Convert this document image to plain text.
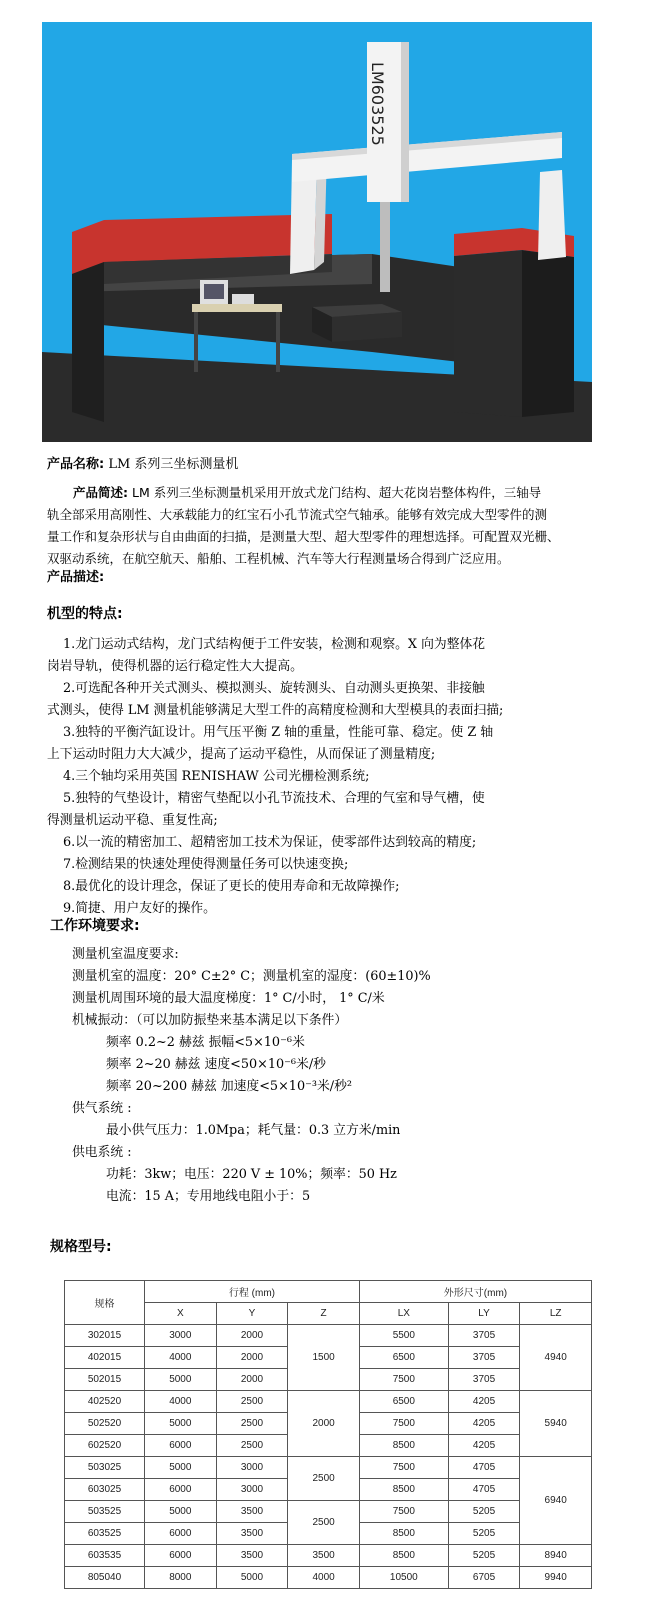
LM603525
产品名称: LM 系列三坐标测量机

产品简述: LM 系列三坐标测量机采用开放式龙门结构、超大花岗岩整体构件，三轴导

轨全部采用高刚性、大承载能力的红宝石小孔节流式空气轴承。能够有效完成大型零件的测

量工作和复杂形状与自由曲面的扫描，是测量大型、超大型零件的理想选择。可配置双光栅、

双驱动系统，在航空航天、船舶、工程机械、汽车等大行程测量场合得到广泛应用。

产品描述:
机型的特点:

1.龙门运动式结构，龙门式结构便于工件安装，检测和观察。X 向为整体花

岗岩导轨，使得机器的运行稳定性大大提高。

2.可选配各种开关式测头、模拟测头、旋转测头、自动测头更换架、非接触

式测头，使得 LM 测量机能够满足大型工件的高精度检测和大型模具的表面扫描;

3.独特的平衡汽缸设计。用气压平衡 Z 轴的重量，性能可靠、稳定。使 Z 轴

上下运动时阻力大大减少，提高了运动平稳性，从而保证了测量精度;

4.三个轴均采用英国 RENISHAW 公司光栅检测系统;

5.独特的气垫设计，精密气垫配以小孔节流技术、合理的气室和导气槽，使

得测量机运动平稳、重复性高;

6.以一流的精密加工、超精密加工技术为保证，使零部件达到较高的精度;

7.检测结果的快速处理使得测量任务可以快速变换;

8.最优化的设计理念，保证了更长的使用寿命和无故障操作;

9.简捷、用户友好的操作。

工作环境要求:

测量机室温度要求:

测量机室的温度：20° C±2° C；测量机室的湿度：(60±10)%

测量机周围环境的最大温度梯度：1° C/小时， 1° C/米

机械振动：（可以加防振垫来基本满足以下条件）

频率 0.2~2 赫兹 振幅<5×10⁻⁶米

频率 2~20 赫兹 速度<50×10⁻⁶米/秒

频率 20~200 赫兹 加速度<5×10⁻³米/秒²

供气系统 :

最小供气压力：1.0Mpa；耗气量：0.3 立方米/min

供电系统 :

功耗：3kw；电压：220 V ± 10%；频率：50 Hz

电流：15 A；专用地线电阻小于：5

规格型号:
规格	行程 (mm)			外形尺寸(mm)		
	X	Y	Z	LX	LY	LZ
302015	3000	2000	1500	5500	3705	4940
402015	4000	2000		6500	3705	
502015	5000	2000		7500	3705	
402520	4000	2500	2000	6500	4205	5940
502520	5000	2500		7500	4205	
602520	6000	2500		8500	4205	
503025	5000	3000	2500	7500	4705	6940
603025	6000	3000		8500	4705	
503525	5000	3500	2500	7500	5205	
603525	6000	3500		8500	5205	
603535	6000	3500	3500	8500	5205	8940
805040	8000	5000	4000	10500	6705	9940
